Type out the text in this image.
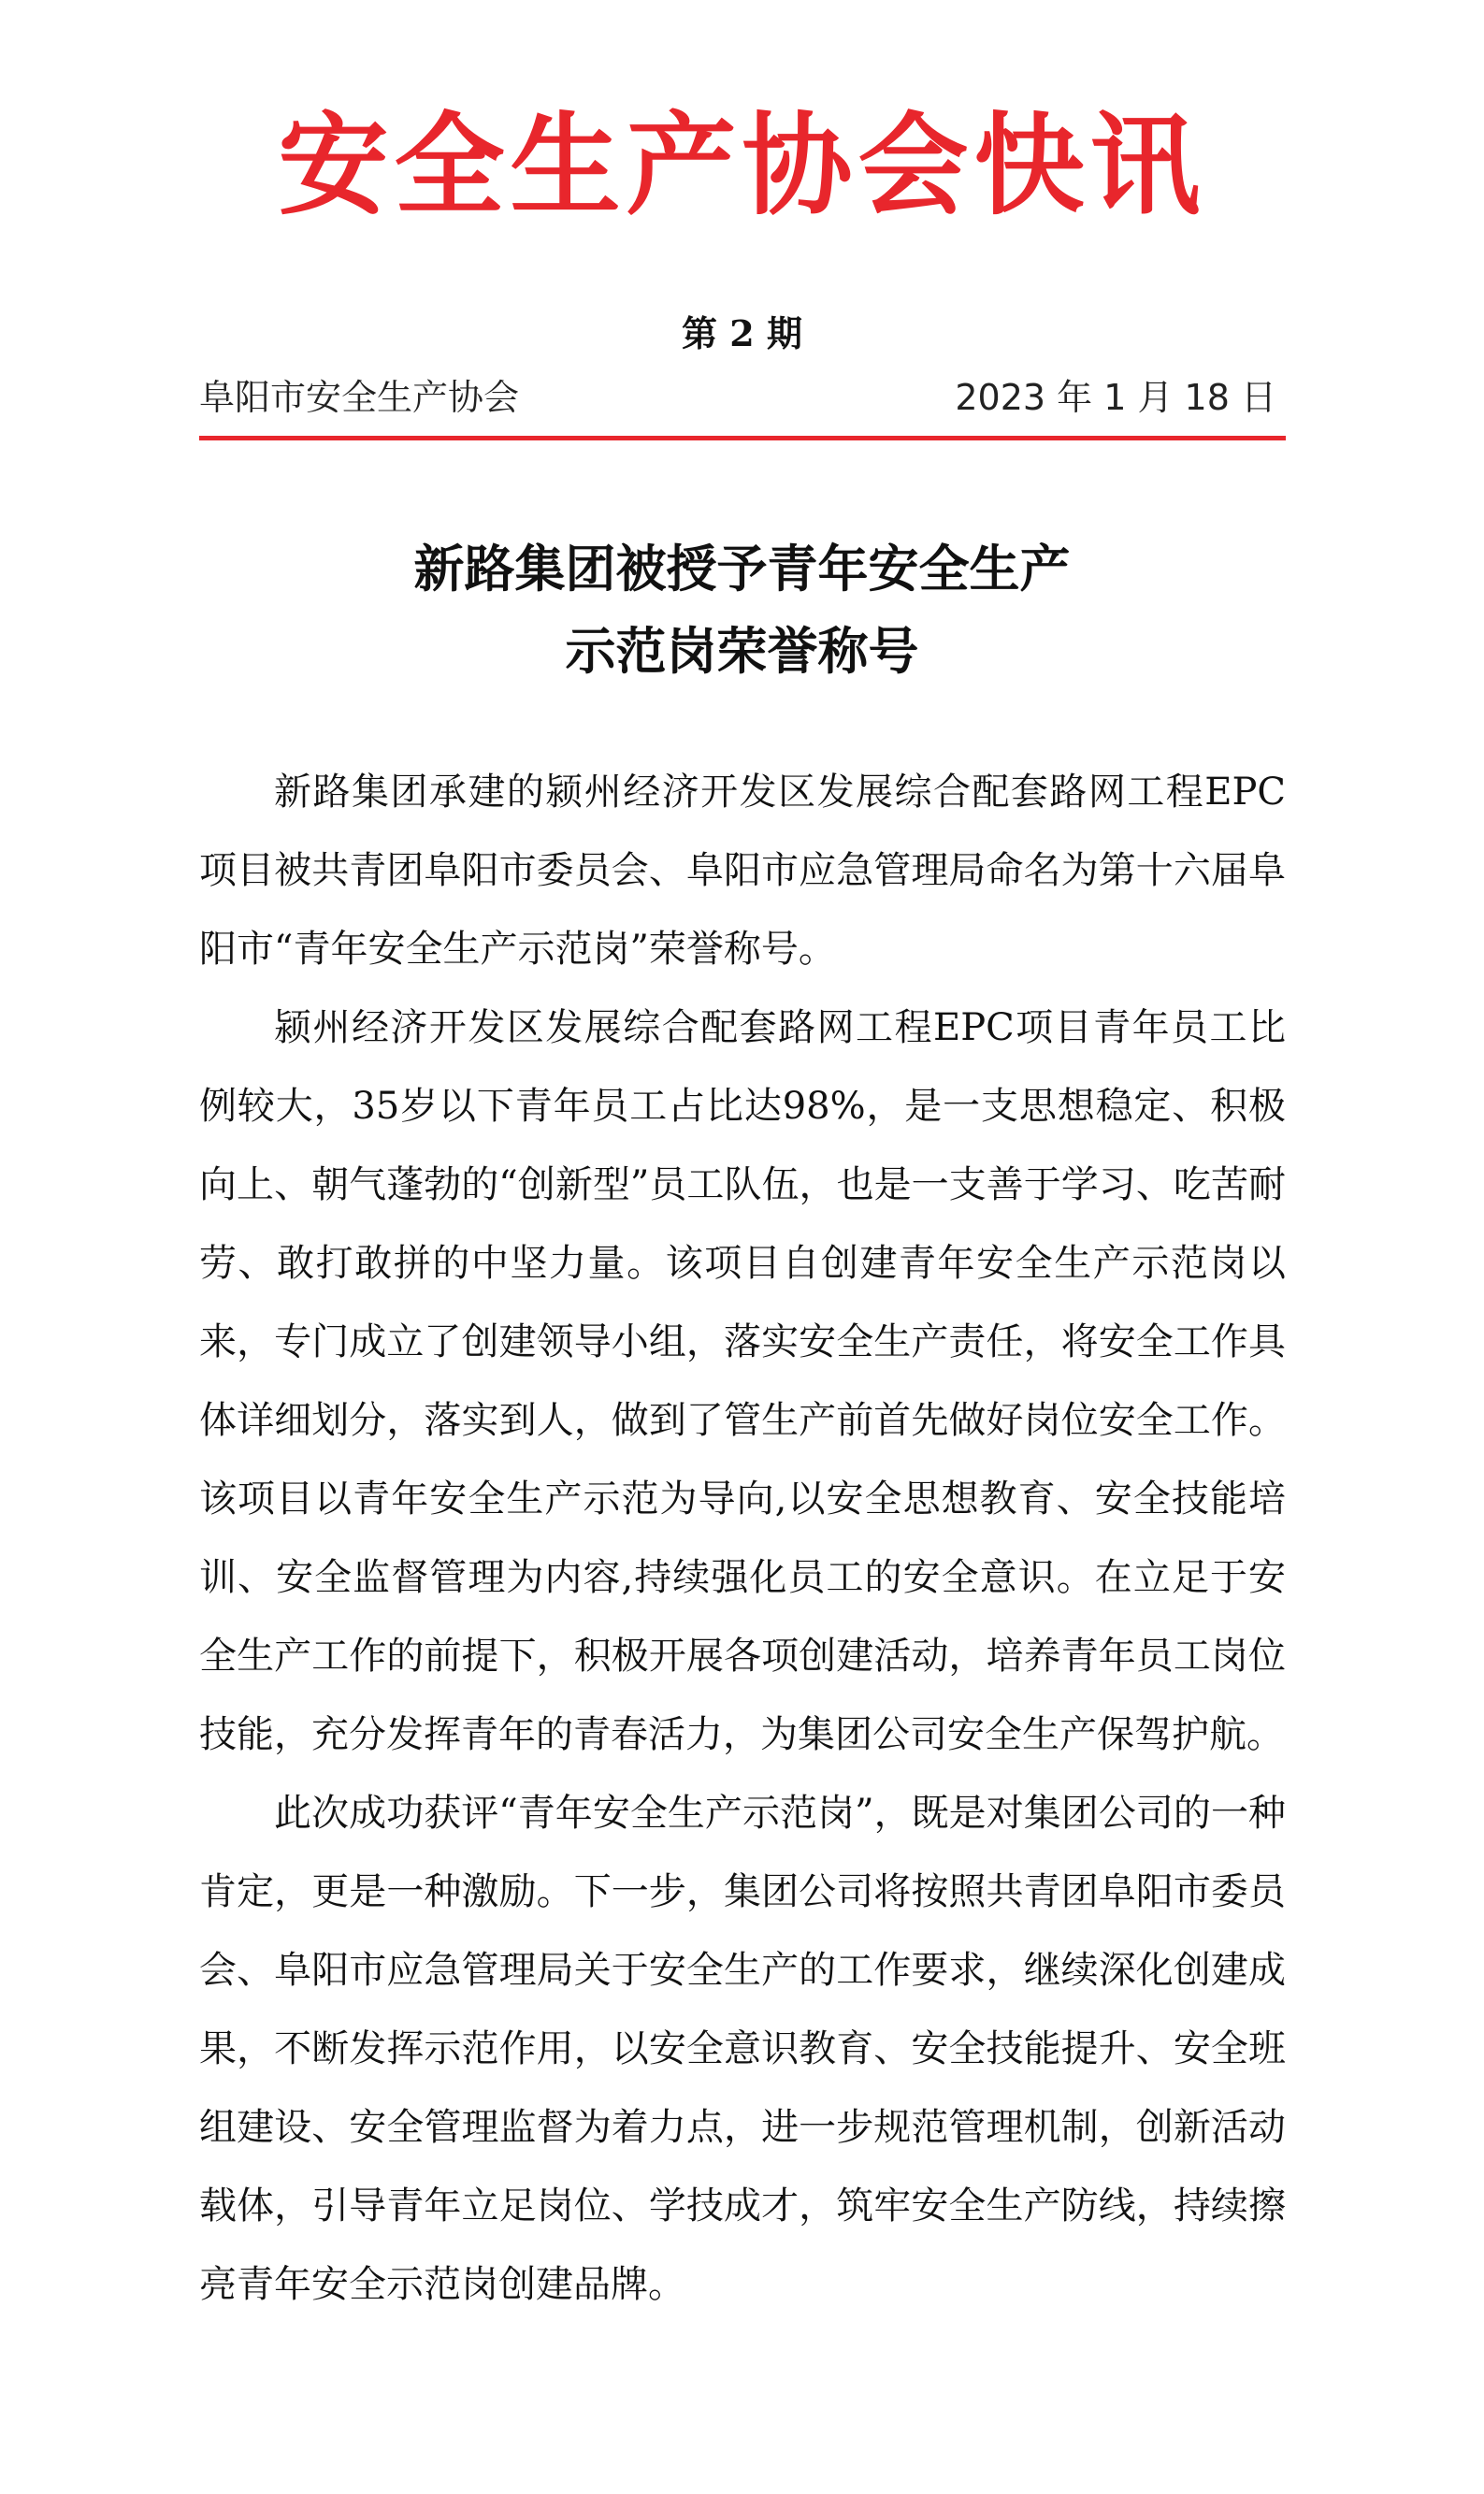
安全生产协会快讯
第 2 期
阜阳市安全生产协会	2023 年 1 月 18 日
新路集团被授予青年安全生产
示范岗荣誉称号

新路集团承建的颍州经济开发区发展综合配套路网工程EPC项目被共青团阜阳市委员会、阜阳市应急管理局命名为第十六届阜阳市“青年安全生产示范岗”荣誉称号。

颍州经济开发区发展综合配套路网工程EPC项目青年员工比例较大，35岁以下青年员工占比达98%，是一支思想稳定、积极向上、朝气蓬勃的“创新型”员工队伍，也是一支善于学习、吃苦耐劳、敢打敢拼的中坚力量。该项目自创建青年安全生产示范岗以来，专门成立了创建领导小组，落实安全生产责任，将安全工作具体详细划分，落实到人，做到了管生产前首先做好岗位安全工作。该项目以青年安全生产示范为导向,以安全思想教育、安全技能培训、安全监督管理为内容,持续强化员工的安全意识。在立足于安全生产工作的前提下，积极开展各项创建活动，培养青年员工岗位技能，充分发挥青年的青春活力，为集团公司安全生产保驾护航。

此次成功获评“青年安全生产示范岗”，既是对集团公司的一种肯定，更是一种激励。下一步，集团公司将按照共青团阜阳市委员会、阜阳市应急管理局关于安全生产的工作要求，继续深化创建成果，不断发挥示范作用，以安全意识教育、安全技能提升、安全班组建设、安全管理监督为着力点，进一步规范管理机制，创新活动载体，引导青年立足岗位、学技成才，筑牢安全生产防线，持续擦亮青年安全示范岗创建品牌。
